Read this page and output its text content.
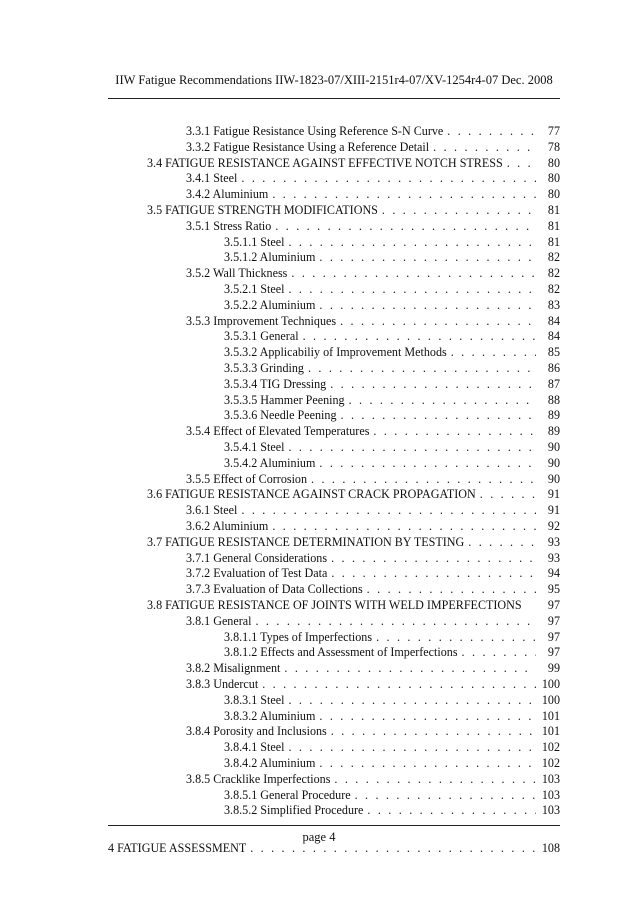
IIW Fatigue Recommendations IIW-1823-07/XIII-2151r4-07/XV-1254r4-07 Dec. 2008
3.3.1 Fatigue Resistance Using Reference S-N Curve . . .	77
3.3.2 Fatigue Resistance Using a Reference Detail . . .	78
3.4 FATIGUE RESISTANCE AGAINST EFFECTIVE NOTCH STRESS . . .	80
3.4.1 Steel . . .	80
3.4.2 Aluminium . . .	80
3.5 FATIGUE STRENGTH MODIFICATIONS . . .	81
3.5.1 Stress Ratio . . .	81
3.5.1.1 Steel . . .	81
3.5.1.2 Aluminium . . .	82
3.5.2 Wall Thickness . . .	82
3.5.2.1 Steel . . .	82
3.5.2.2 Aluminium . . .	83
3.5.3 Improvement Techniques . . .	84
3.5.3.1 General . . .	84
3.5.3.2 Applicabiliy of Improvement Methods . . .	85
3.5.3.3 Grinding . . .	86
3.5.3.4 TIG Dressing . . .	87
3.5.3.5 Hammer Peening . . .	88
3.5.3.6 Needle Peening . . .	89
3.5.4 Effect of Elevated Temperatures . . .	89
3.5.4.1 Steel . . .	90
3.5.4.2 Aluminium . . .	90
3.5.5 Effect of Corrosion . . .	90
3.6 FATIGUE RESISTANCE AGAINST CRACK PROPAGATION . . .	91
3.6.1 Steel . . .	91
3.6.2 Aluminium . . .	92
3.7 FATIGUE RESISTANCE DETERMINATION BY TESTING . . .	93
3.7.1 General Considerations . . .	93
3.7.2 Evaluation of Test Data . . .	94
3.7.3 Evaluation of Data Collections . . .	95
3.8 FATIGUE RESISTANCE OF JOINTS WITH WELD IMPERFECTIONS	97
3.8.1 General . . .	97
3.8.1.1 Types of Imperfections . . .	97
3.8.1.2 Effects and Assessment of Imperfections . . .	97
3.8.2 Misalignment . . .	99
3.8.3 Undercut . . .	100
3.8.3.1 Steel . . .	100
3.8.3.2 Aluminium . . .	101
3.8.4 Porosity and Inclusions . . .	101
3.8.4.1 Steel . . .	102
3.8.4.2 Aluminium . . .	102
3.8.5 Cracklike Imperfections . . .	103
3.8.5.1 General Procedure . . .	103
3.8.5.2 Simplified Procedure . . .	103
4 FATIGUE ASSESSMENT . . .	108
page 4
